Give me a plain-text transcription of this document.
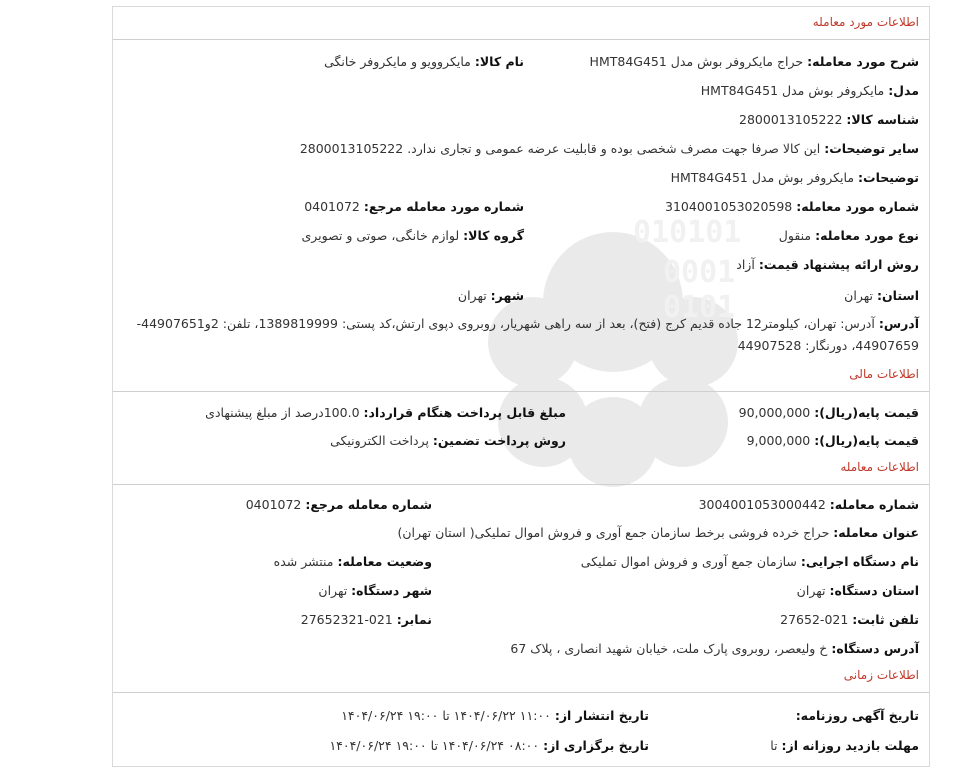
010101
0001
0101
اطلاعات مورد معامله
شرح مورد معامله: حراج مایکروفر بوش مدل HMT84G451
نام کالا: مایکروویو و مایکروفر خانگی
مدل: مایکروفر بوش مدل HMT84G451
شناسه کالا: 2800013105222
سایر توضیحات: این کالا صرفا جهت مصرف شخصی بوده و قابلیت عرضه عمومی و تجاری ندارد. 2800013105222
توضیحات: مایکروفر بوش مدل HMT84G451
شماره مورد معامله: 3104001053020598
شماره مورد معامله مرجع: 0401072
نوع مورد معامله: منقول
گروه کالا: لوازم خانگی، صوتی و تصویری
روش ارائه پیشنهاد قیمت: آزاد
استان: تهران
شهر: تهران
آدرس: آدرس: تهران، کیلومتر12 جاده قدیم کرج (فتح)، بعد از سه راهی شهریار، روبروی دپوی ارتش،کد پستی: 1389819999، تلفن: 2و44907651-44907659، دورنگار: 44907528
اطلاعات مالی
قیمت پایه(ریال): 90,000,000
مبلغ قابل پرداخت هنگام قرارداد: 100.0درصد از مبلغ پیشنهادی
قیمت پایه(ریال): 9,000,000
روش پرداخت تضمین: پرداخت الکترونیکی
اطلاعات معامله
شماره معامله: 3004001053000442
شماره معامله مرجع: 0401072
عنوان معامله: حراج خرده فروشی برخط سازمان جمع آوری و فروش اموال تملیکی( استان تهران)
نام دستگاه اجرایی: سازمان جمع آوری و فروش اموال تملیکی
وضعیت معامله: منتشر شده
استان دستگاه: تهران
شهر دستگاه: تهران
تلفن ثابت: 021-27652
نمابر: 021-27652321
آدرس دستگاه: خ ولیعصر، روبروی پارک ملت، خیابان شهید انصاری ، پلاک 67
اطلاعات زمانی
تاریخ آگهی روزنامه:
تاریخ انتشار از: ۱۱:۰۰ ۱۴۰۴/۰۶/۲۲ تا ۱۹:۰۰ ۱۴۰۴/۰۶/۲۴
مهلت بازدید روزانه از: تا
تاریخ برگزاری از: ۰۸:۰۰ ۱۴۰۴/۰۶/۲۴ تا ۱۹:۰۰ ۱۴۰۴/۰۶/۲۴
